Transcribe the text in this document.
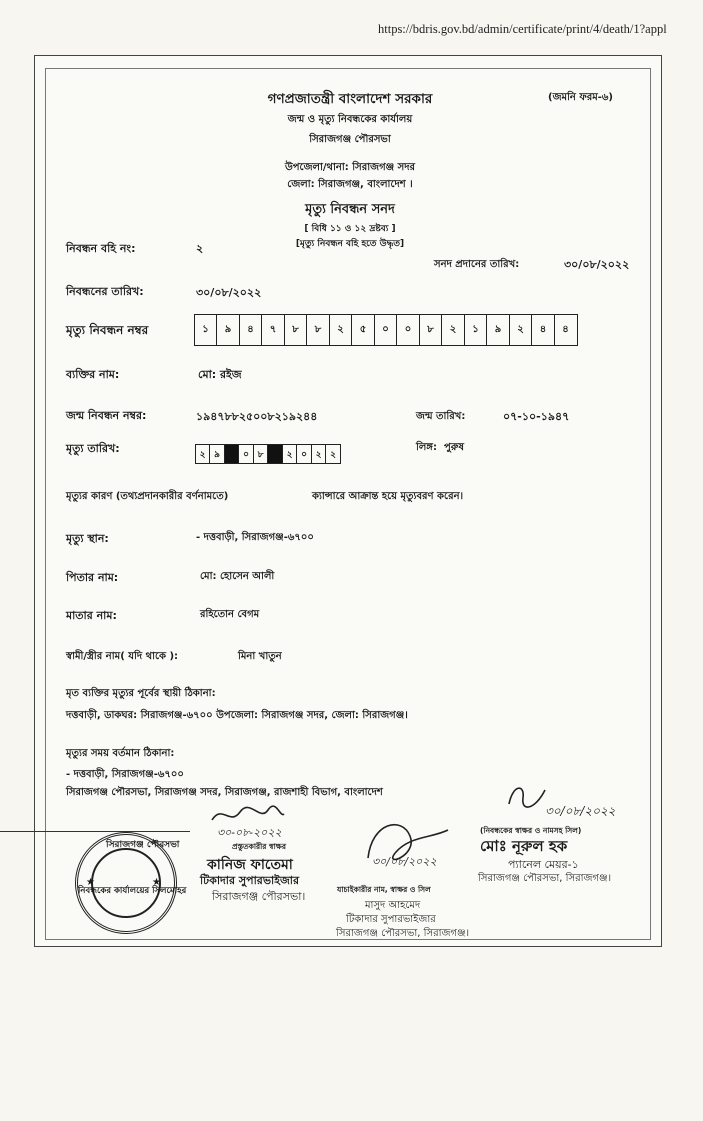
https://bdris.gov.bd/admin/certificate/print/4/death/1?appl
(জমনি ফরম-৬)
গণপ্রজাতন্ত্রী বাংলাদেশ সরকার
জন্ম ও মৃত্যু নিবন্ধকের কার্যালয়
সিরাজগঞ্জ পৌরসভা
উপজেলা/থানা: সিরাজগঞ্জ সদর
জেলা: সিরাজগঞ্জ, বাংলাদেশ ।
মৃত্যু নিবন্ধন সনদ
[ বিধি ১১ ও ১২ দ্রষ্টব্য ]
[মৃত্যু নিবন্ধন বহি হতে উদ্ধৃত]
নিবন্ধন বহি নং:	২
সনদ প্রদানের তারিখ:	৩০/০৮/২০২২
নিবন্ধনের তারিখ:	৩০/০৮/২০২২
মৃত্যু নিবন্ধন নম্বর	১	৯	৪	৭	৮	৮	২	৫	০	০	৮	২	১	৯	২	৪	৪
ব্যক্তির নাম:	মো: রইজ
জন্ম নিবন্ধন নম্বর:	১৯৪৭৮৮২৫০০৮২১৯২৪৪	জন্ম তারিখ:	০৭-১০-১৯৪৭
মৃত্যু তারিখ:	২ ৯	০ ৮	২ ০ ২ ২
লিঙ্গ: পুরুষ
মৃত্যুর কারণ (তথ্যপ্রদানকারীর বর্ণনামতে)	ক্যান্সারে আক্রান্ত হয়ে মৃত্যুবরণ করেন।
মৃত্যু স্থান:	- দত্তবাড়ী, সিরাজগঞ্জ-৬৭০০
পিতার নাম:	মো: হোসেন আলী
মাতার নাম:	রহিতোন বেগম
স্বামী/স্ত্রীর নাম( যদি থাকে ):	মিনা খাতুন
মৃত ব্যক্তির মৃত্যুর পূর্বের স্থায়ী ঠিকানা:
দত্তবাড়ী, ডাকঘর: সিরাজগঞ্জ-৬৭০০ উপজেলা: সিরাজগঞ্জ সদর, জেলা: সিরাজগঞ্জ।
মৃত্যুর সময় বর্তমান ঠিকানা:
- দত্তবাড়ী, সিরাজগঞ্জ-৬৭০০
সিরাজগঞ্জ পৌরসভা, সিরাজগঞ্জ সদর, সিরাজগঞ্জ, রাজশাহী বিভাগ, বাংলাদেশ
৩০-০৮-২০২২
প্রস্তুতকারীর স্বাক্ষর
কানিজ ফাতেমা
টিকাদার সুপারভাইজার
সিরাজগঞ্জ পৌরসভা।
৩০/০৮/২০২২
যাচাইকারীর নাম, স্বাক্ষর ও সিল
মাসুদ আহমেদ
টিকাদার সুপারভাইজার
সিরাজগঞ্জ পৌরসভা, সিরাজগঞ্জ।
৩০/০৮/২০২২
(নিবন্ধকের স্বাক্ষর ও নামসহ সিল)
মোঃ নূরুল হক
প্যানেল মেয়র-১
সিরাজগঞ্জ পৌরসভা, সিরাজগঞ্জ।
সিরাজগঞ্জ পৌরসভা
★	★
নিবন্ধকের কার্যালয়ের সিলমোহর
